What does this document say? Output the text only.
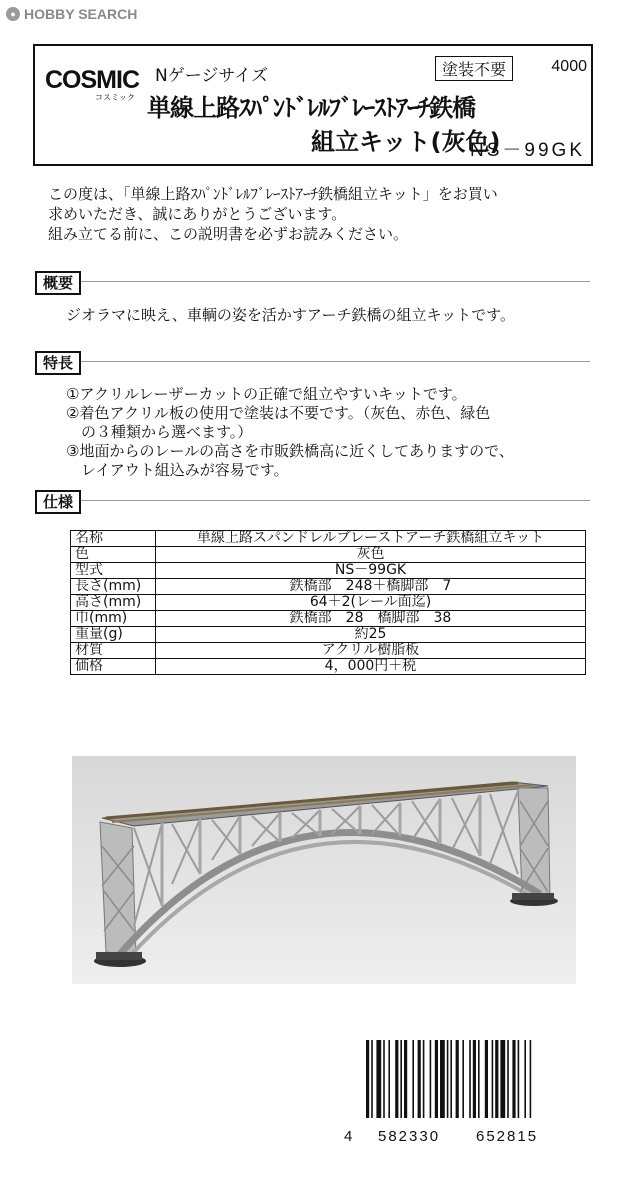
● HOBBY SEARCH
COSMIC
コスミック
Nゲージサイズ
単線上路ｽﾊﾟﾝﾄﾞﾚﾙﾌﾞﾚｰｽﾄｱｰﾁ鉄橋
組立キット(灰色)
塗装不要	4000
NS－99GK
この度は、「単線上路ｽﾊﾟﾝﾄﾞﾚﾙﾌﾞﾚｰｽﾄｱｰﾁ鉄橋組立キット」をお買い
求めいただき、誠にありがとうございます。
組み立てる前に、この説明書を必ずお読みください。
概要
ジオラマに映え、車輌の姿を活かすアーチ鉄橋の組立キットです。
特長
①アクリルレーザーカットの正確で組立やすいキットです。
②着色アクリル板の使用で塗装は不要です。（灰色、赤色、緑色
　の３種類から選べます。）
③地面からのレールの高さを市販鉄橋高に近くしてありますので、
　レイアウト組込みが容易です。
仕様
名称	単線上路スパンドレルブレーストアーチ鉄橋組立キット
色	灰色
型式	NS－99GK
長さ(mm)	鉄橋部　248＋橋脚部　7
高さ(mm)	64＋2(レール面迄)
巾(mm)	鉄橋部　28　橋脚部　38
重量(g)	約25
材質	アクリル樹脂板
価格	4，000円＋税
4 582330 652815
